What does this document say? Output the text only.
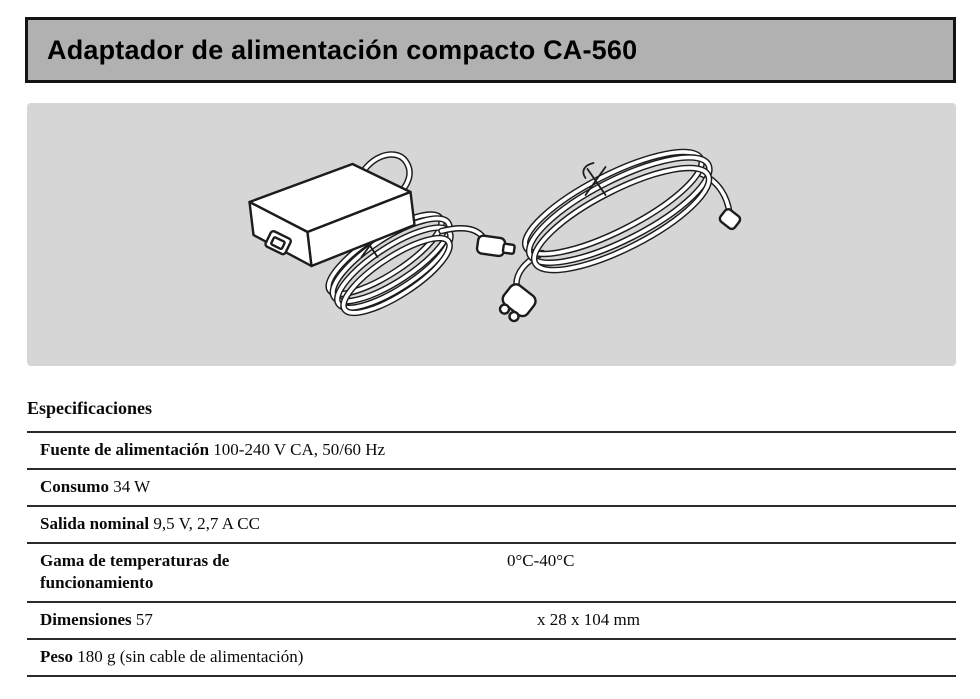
Adaptador de alimentación compacto CA-560
Especificaciones

Fuente de alimentación 100-240 V CA, 50/60 Hz

Consumo 34 W

Salida nominal 9,5 V, 2,7 A CC

Gama de temperaturas de funcionamiento

0°C-40°C

Dimensiones 57	x 28 x 104 mm

Peso 180 g (sin cable de alimentación)
